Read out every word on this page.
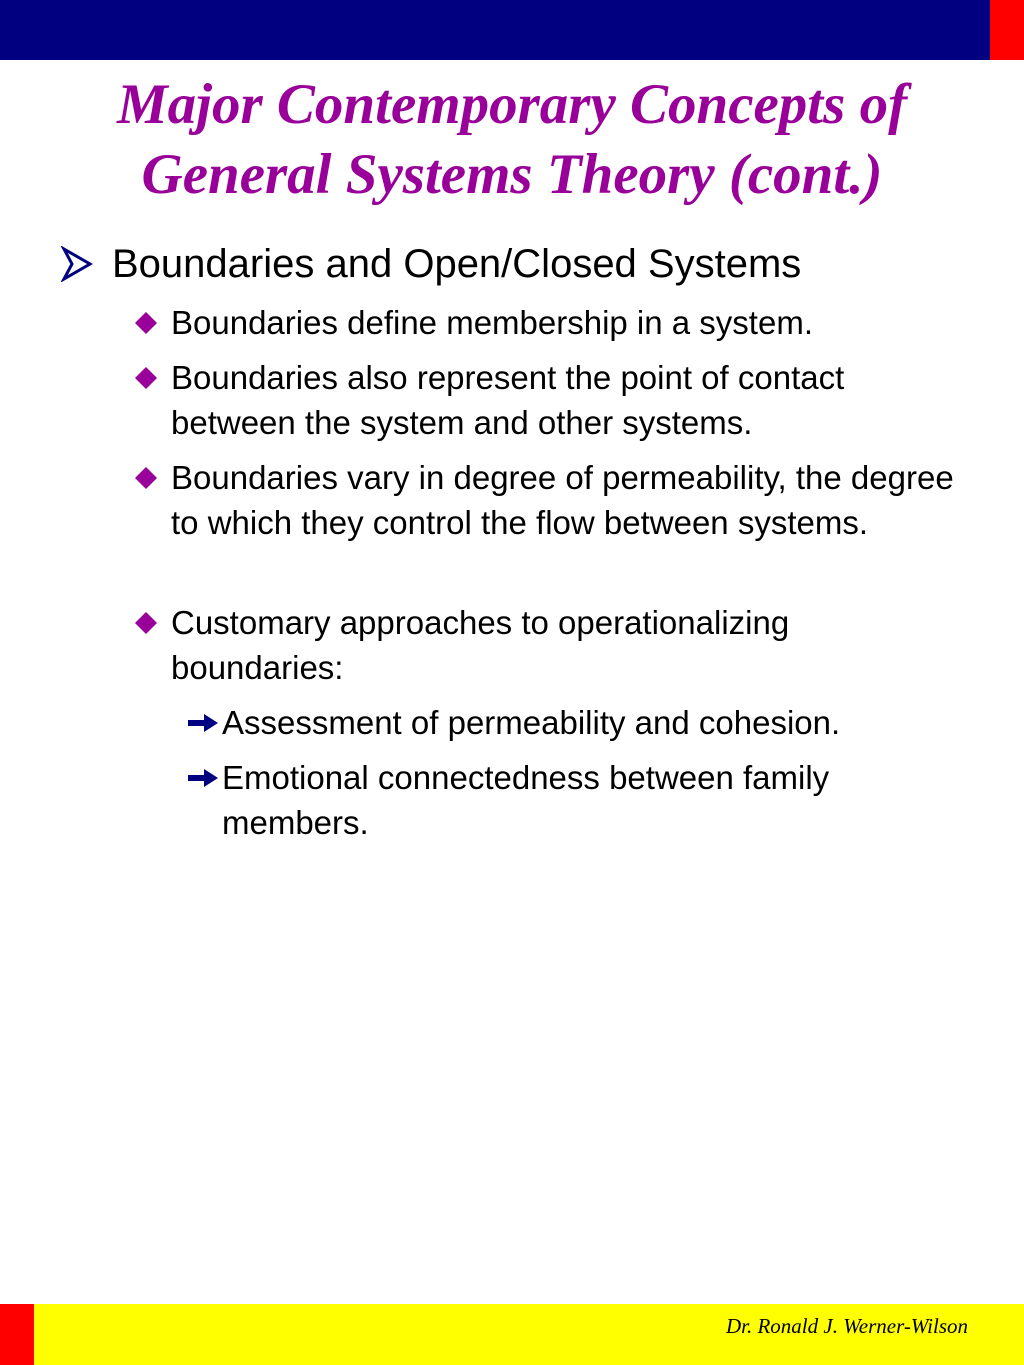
Major Contemporary Concepts of
General Systems Theory (cont.)
Boundaries and Open/Closed Systems
Boundaries define membership in a system.
Boundaries also represent the point of contact between the system and other systems.
Boundaries vary in degree of permeability, the degree to which they control the flow between systems.
Customary approaches to operationalizing boundaries:
Assessment of permeability and cohesion.
Emotional connectedness between family members.
Dr. Ronald J. Werner-Wilson
